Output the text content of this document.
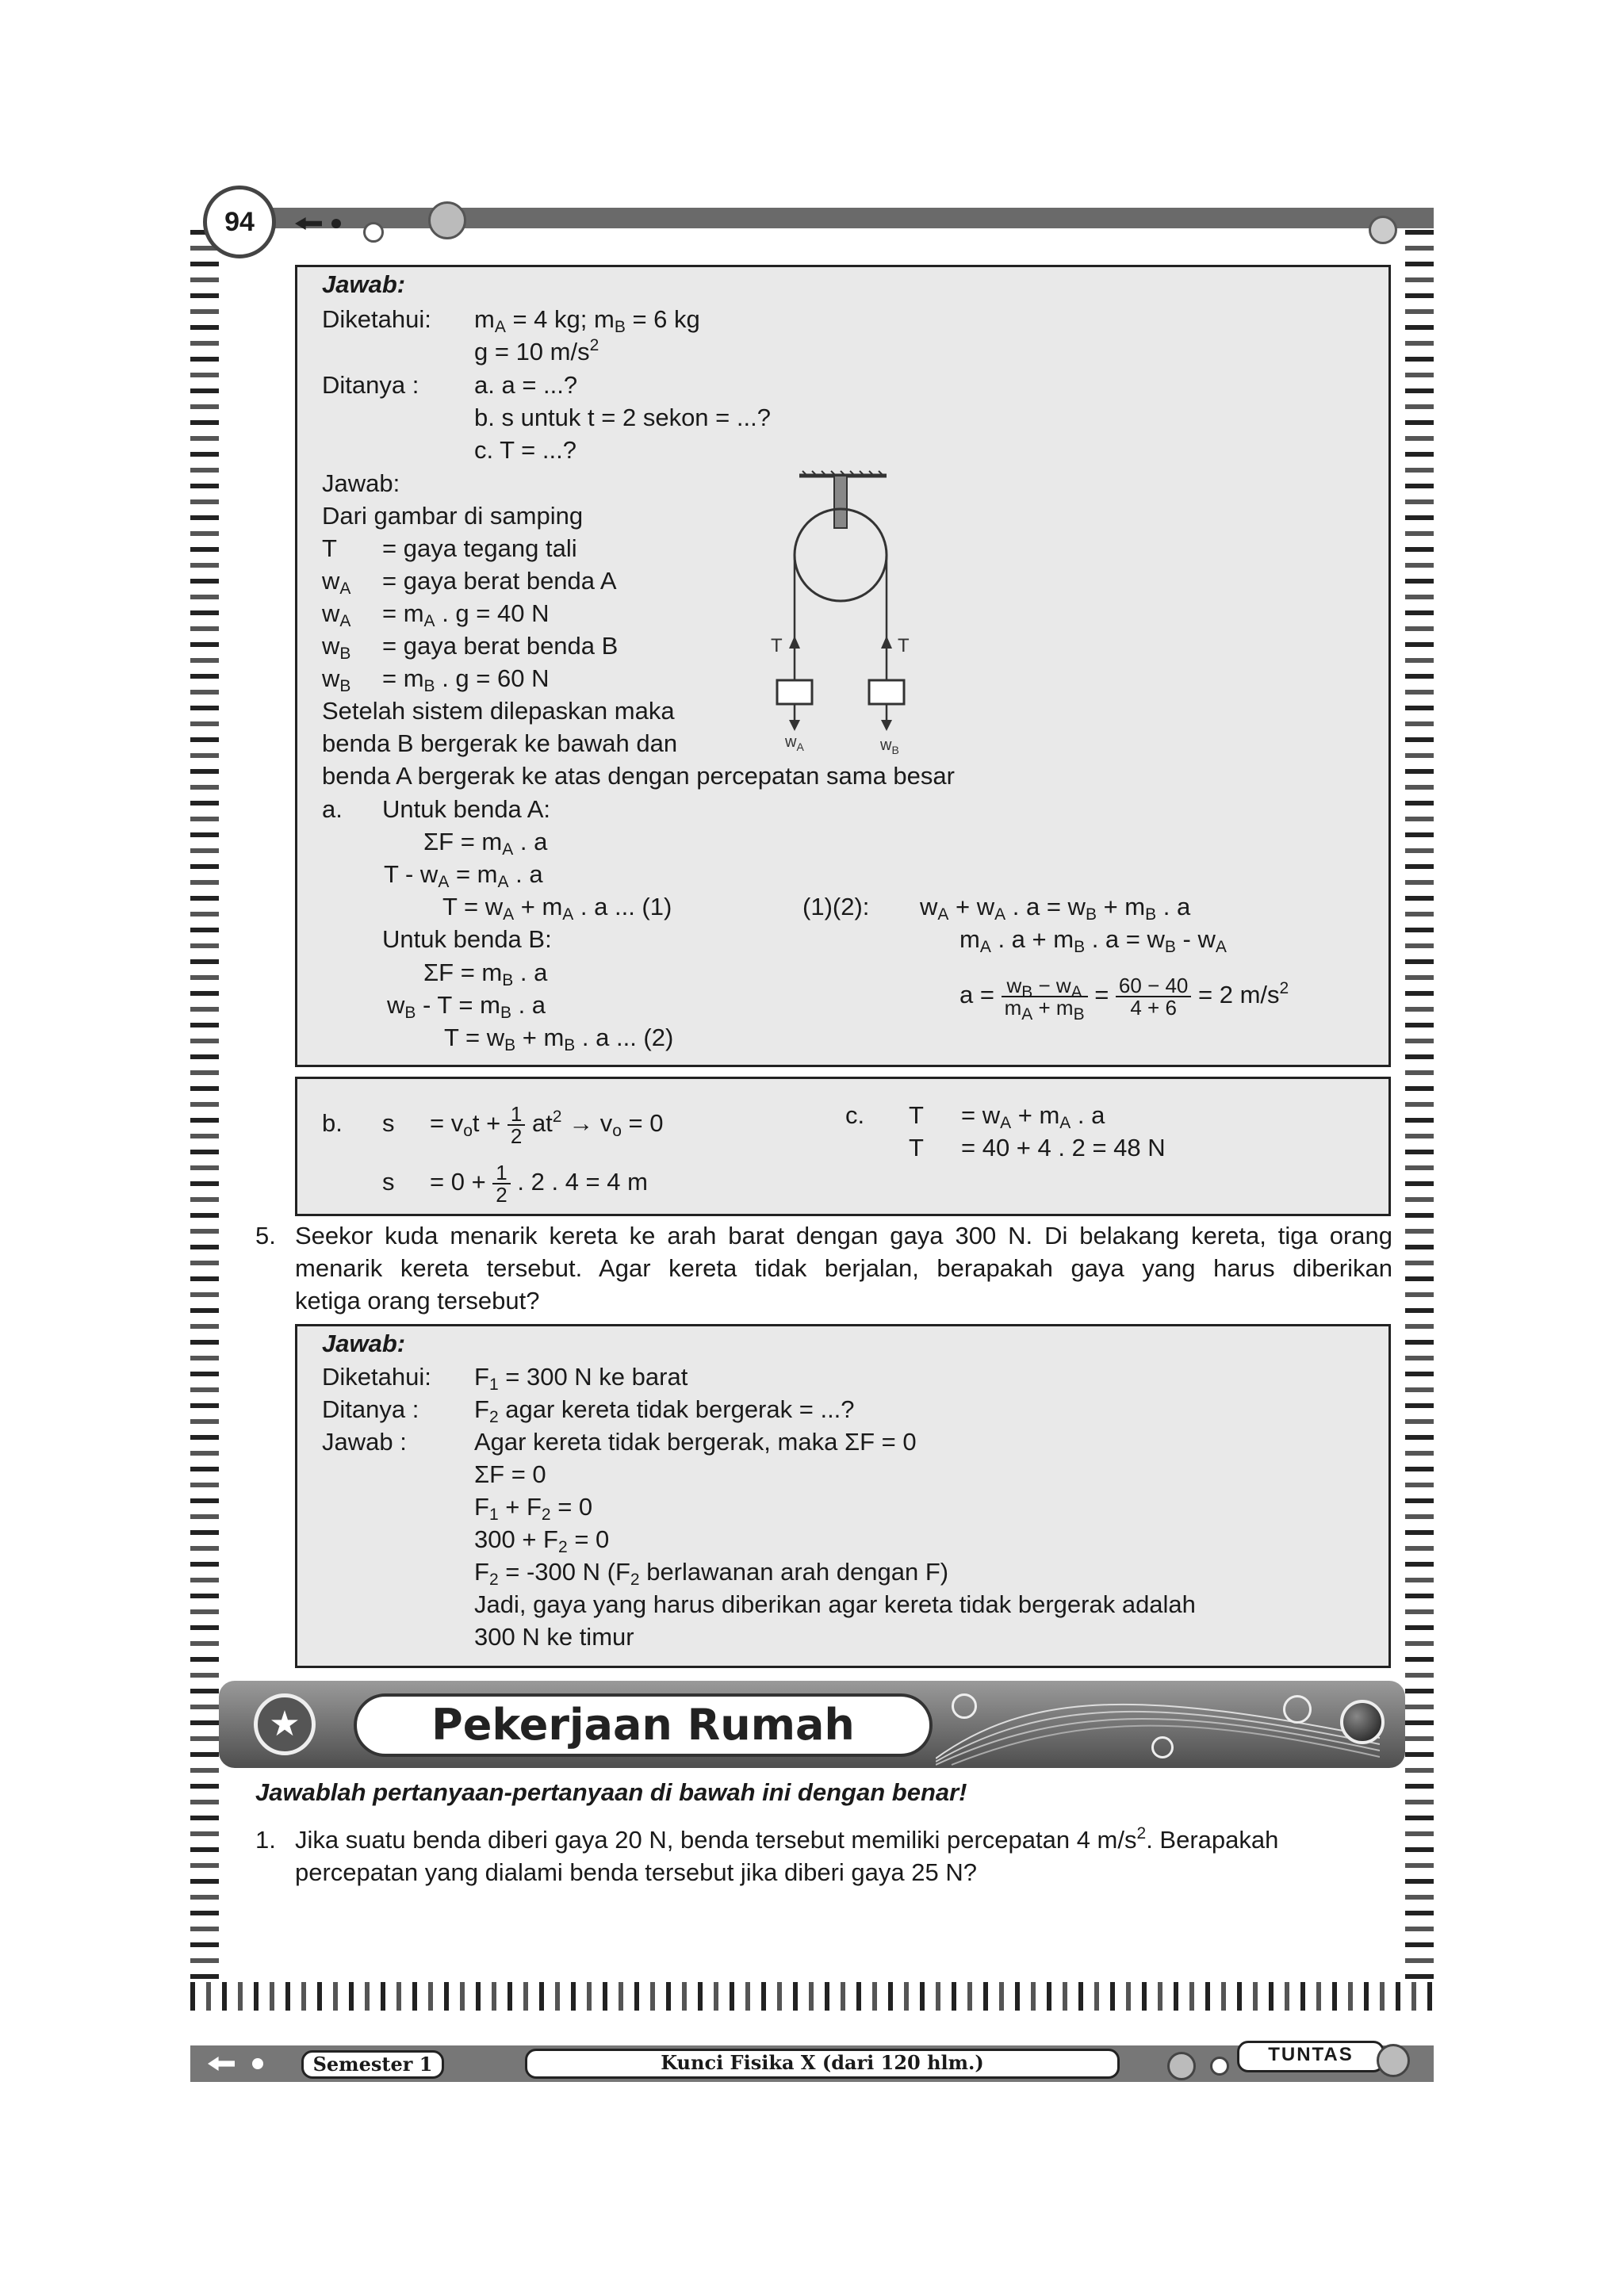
94
Jawab:
Diketahui: $m_A = 4$ kg; $m_B = 6$ kg
g = 10 $m/s^2$
Ditanya : a. a = ...?
b. s untuk t = 2 sekon = ...?
c. T = ...?
Jawab:
Dari gambar di samping
T = gaya tegang tali
$w_A$ = gaya berat benda A
$w_A = m_A$ . g = 40 N
$w_B$ = gaya berat benda B
$w_B = m_B$ . g = 60 N
Setelah sistem dilepaskan maka
benda B bergerak ke bawah dan
benda A bergerak ke atas dengan percepatan sama besar
a. Untuk benda A:
$\Sigma F = m_A$ . a
$T - w_A = m_A$ . a
$T = w_A + m_A$ . a ... (1)	(1)(2): $w_A + w_A$ . $a = w_B + m_B$ . a
Untuk benda B:	$m_A$ . $a + m_B$ . $a = w_B - w_A$
$\Sigma F = m_B$ . a
$a = \frac{w_B - w_A}{m_A + m_B} = \frac{60 - 40}{4 + 6} = 2$ $m/s^2$
$w_B - T = m_B$ . a
$T = w_B + m_B$ . a ... (2)
T	T
$w_A$	$w_B$
b. $s = v_ot + \frac{1}{2} at^2 \to v_o = 0$
$s = 0 + \frac{1}{2}$ . 2 . 4 = 4 m
c. $T = w_A + m_A$ . a
T = 40 + 4 . 2 = 48 N
5. Seekor kuda menarik kereta ke arah barat dengan gaya 300 N. Di belakang kereta, tiga orang
menarik kereta tersebut. Agar kereta tidak berjalan, berapakah gaya yang harus diberikan
ketiga orang tersebut?
Jawab:
Diketahui: $F_1 = 300$ N ke barat
Ditanya : $F_2$ agar kereta tidak bergerak = ...?
Jawab :	Agar kereta tidak bergerak, maka ΣF = 0
ΣF = 0
$F_1 + F_2 = 0$
$300 + F_2 = 0$
$F_2 = -300$ N ($F_2$ berlawanan arah dengan F)
Jadi, gaya yang harus diberikan agar kereta tidak bergerak adalah
300 N ke timur
★	Pekerjaan Rumah
Jawablah pertanyaan-pertanyaan di bawah ini dengan benar!
1. Jika suatu benda diberi gaya 20 N, benda tersebut memiliki percepatan 4 $m/s^2$. Berapakah
percepatan yang dialami benda tersebut jika diberi gaya 25 N?
Semester 1	Kunci Fisika X (dari 120 hlm.)	TUNTAS
